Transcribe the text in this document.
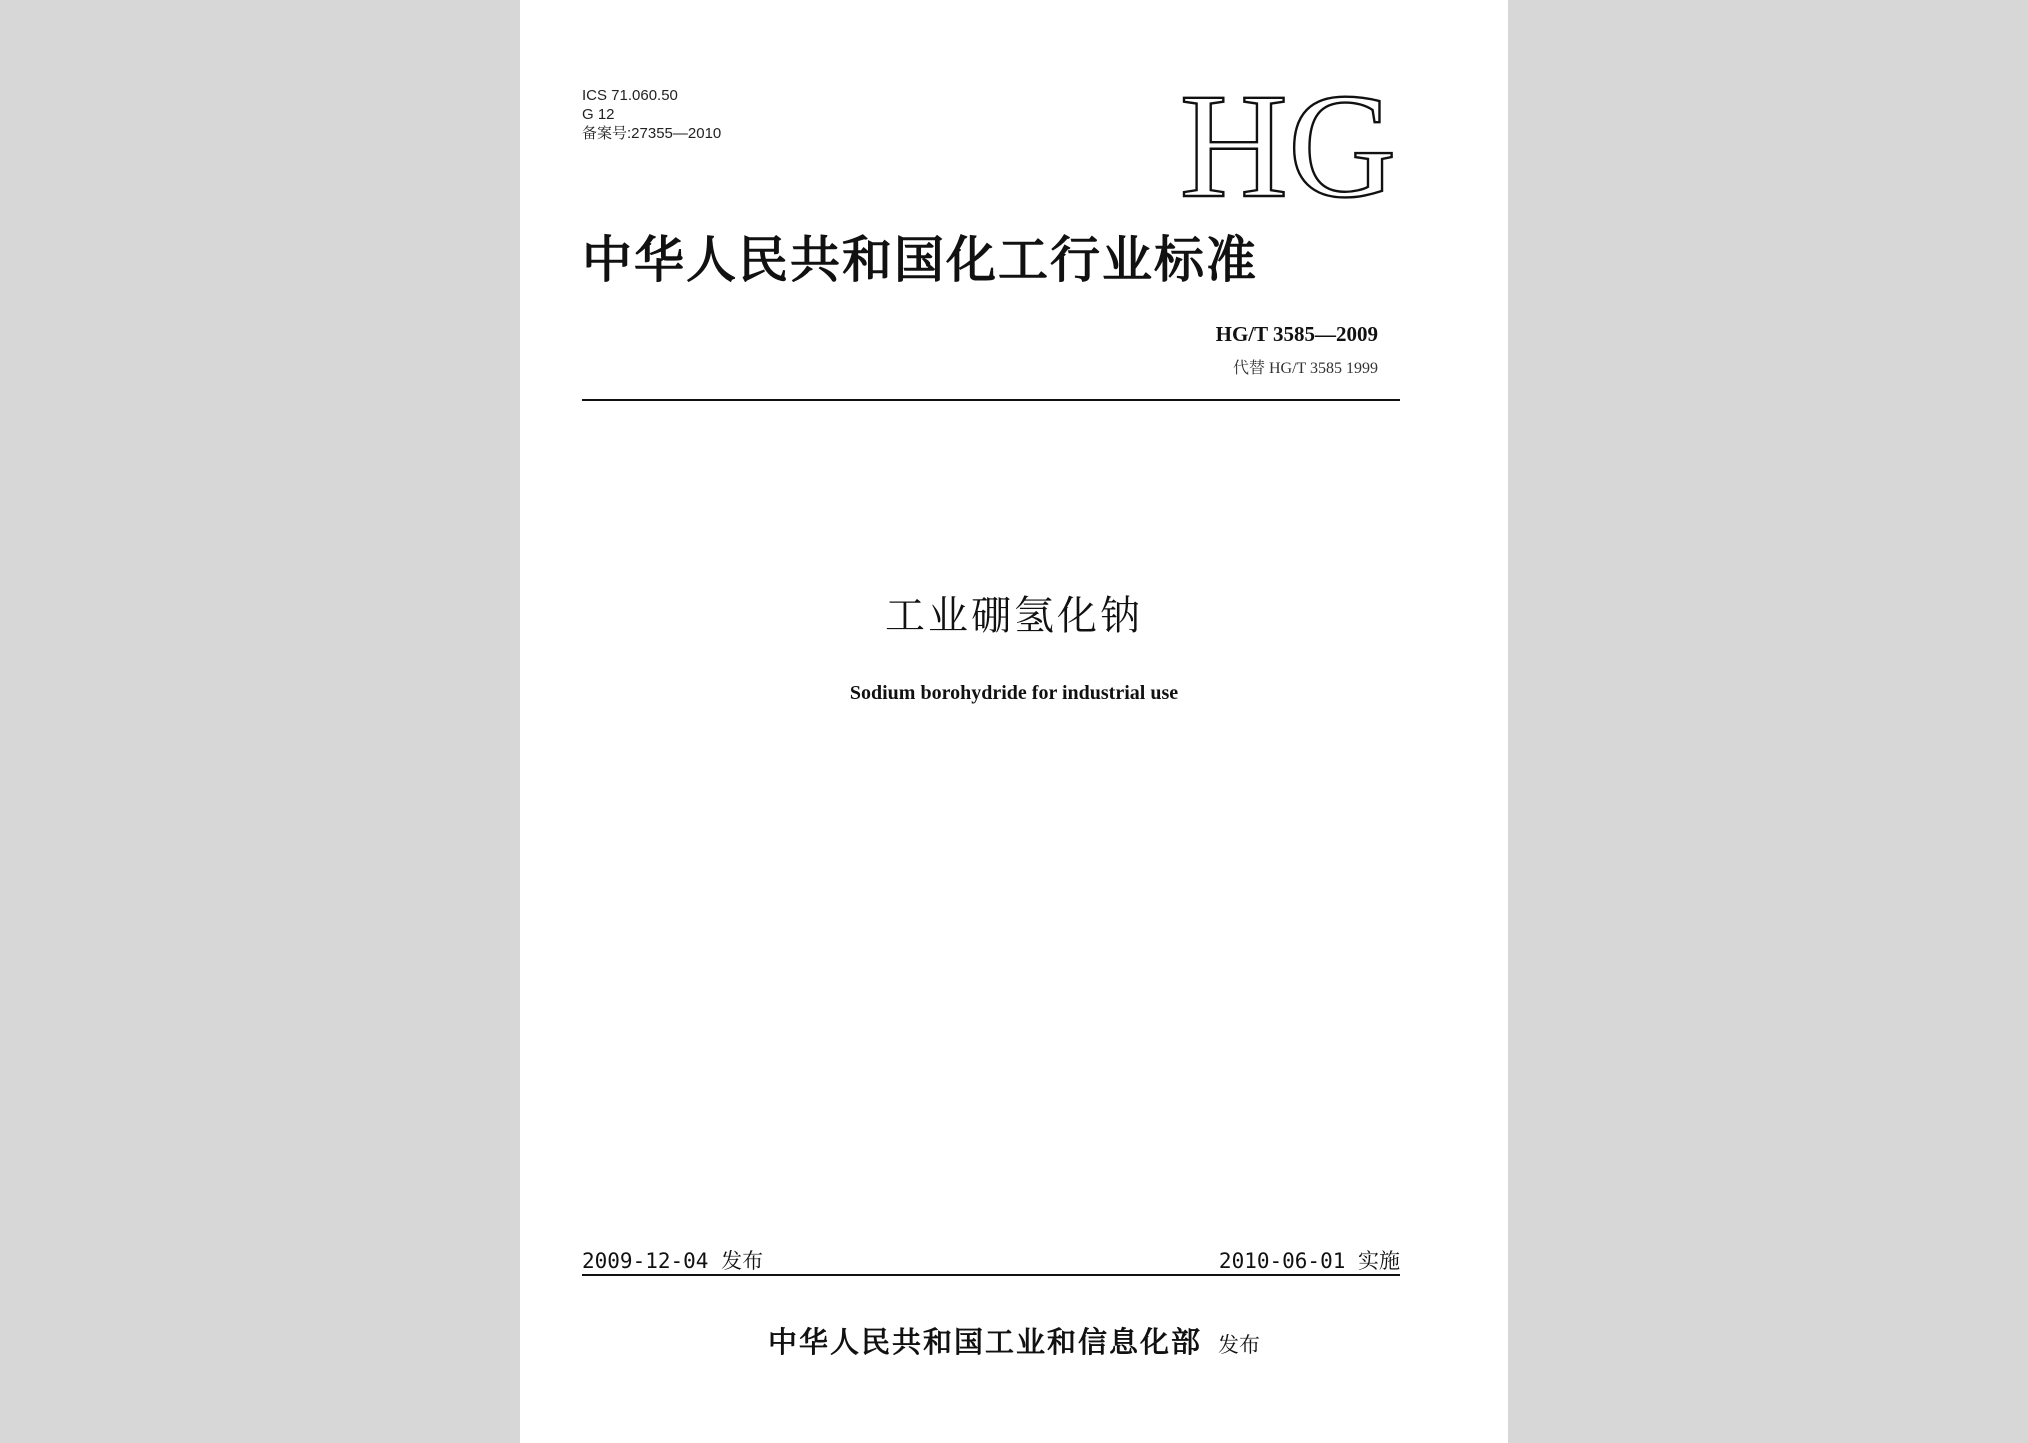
ICS 71.060.50
G 12
备案号:27355—2010	HG
中华人民共和国化工行业标准
HG/T 3585—2009
代替 HG/T 3585 1999
工业硼氢化钠
Sodium borohydride for industrial use
2009-12-04 发布	2010-06-01 实施
中华人民共和国工业和信息化部 发布
